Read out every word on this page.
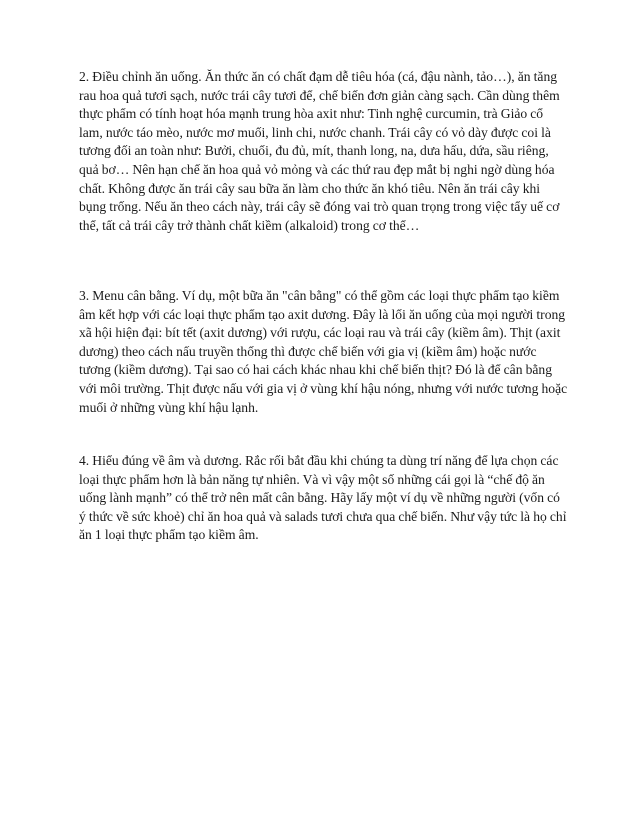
2. Điều chỉnh ăn uống. Ăn thức ăn có chất đạm dễ tiêu hóa (cá, đậu nành, tảo…), ăn tăng rau hoa quả tươi sạch, nước trái cây tươi để, chế biến đơn giản càng sạch. Cần dùng thêm thực phẩm có tính hoạt hóa mạnh trung hòa axit như: Tinh nghệ curcumin, trà Giảo cổ lam, nước táo mèo, nước mơ muối, linh chi, nước chanh. Trái cây có vỏ dày được coi là tương đối an toàn như: Bưởi, chuối, đu đủ, mít, thanh long, na, dưa hấu, dứa, sầu riêng, quả bơ… Nên hạn chế ăn hoa quả vỏ mỏng và các thứ rau đẹp mắt bị nghi ngờ dùng hóa chất. Không được ăn trái cây sau bữa ăn làm cho thức ăn khó tiêu. Nên ăn trái cây khi bụng trống. Nếu ăn theo cách này, trái cây sẽ đóng vai trò quan trọng trong việc tẩy uế cơ thể, tất cả trái cây trở thành chất kiềm (alkaloid) trong cơ thể…

3. Menu cân bằng. Ví dụ, một bữa ăn "cân bằng" có thể gồm các loại thực phẩm tạo kiềm âm kết hợp với các loại thực phẩm tạo axit dương. Đây là lối ăn uống của mọi người trong xã hội hiện đại: bít tết (axit dương) với rượu, các loại rau và trái cây (kiềm âm). Thịt (axit dương) theo cách nấu truyền thống thì được chế biến với gia vị (kiềm âm) hoặc nước tương (kiềm dương). Tại sao có hai cách khác nhau khi chế biến thịt? Đó là để cân bằng với môi trường. Thịt được nấu với gia vị ở vùng khí hậu nóng, nhưng với nước tương hoặc muối ở những vùng khí hậu lạnh.

4. Hiểu đúng về âm và dương. Rắc rối bắt đầu khi chúng ta dùng trí năng để lựa chọn các loại thực phẩm hơn là bản năng tự nhiên. Và vì vậy một số những cái gọi là “chế độ ăn uống lành mạnh” có thể trở nên mất cân bằng. Hãy lấy một ví dụ về những người (vốn có ý thức về sức khoẻ) chỉ ăn hoa quả và salads tươi chưa qua chế biến. Như vậy tức là họ chỉ ăn 1 loại thực phẩm tạo kiềm âm.
